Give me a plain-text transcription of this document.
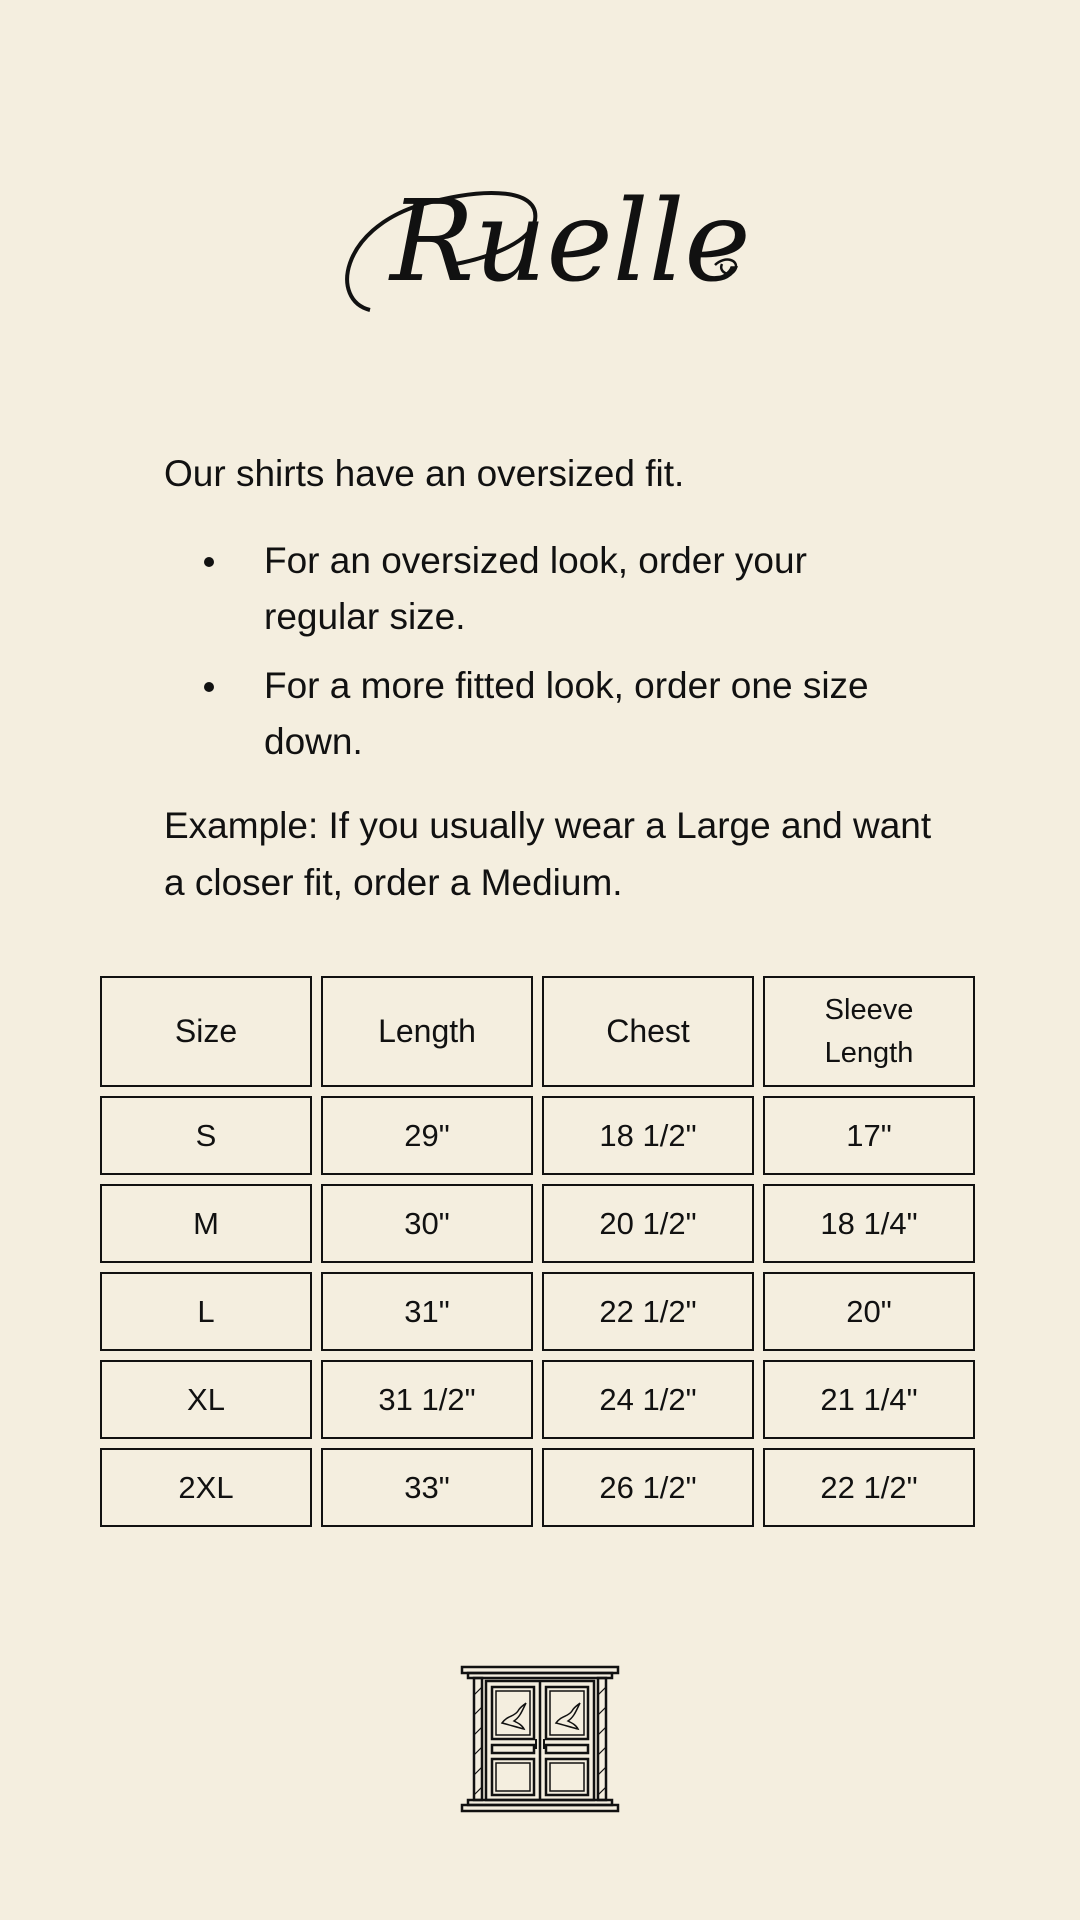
Ruelle

Our shirts have an oversized fit.

For an oversized look, order your regular size.
For a more fitted look, order one size down.

Example: If you usually wear a Large and want a closer fit, order a Medium.

Size	Length	Chest	Sleeve Length

S	29"	18 1/2"	17"
M	30"	20 1/2"	18 1/4"
L	31"	22 1/2"	20"
XL	31 1/2"	24 1/2"	21 1/4"
2XL	33"	26 1/2"	22 1/2"
